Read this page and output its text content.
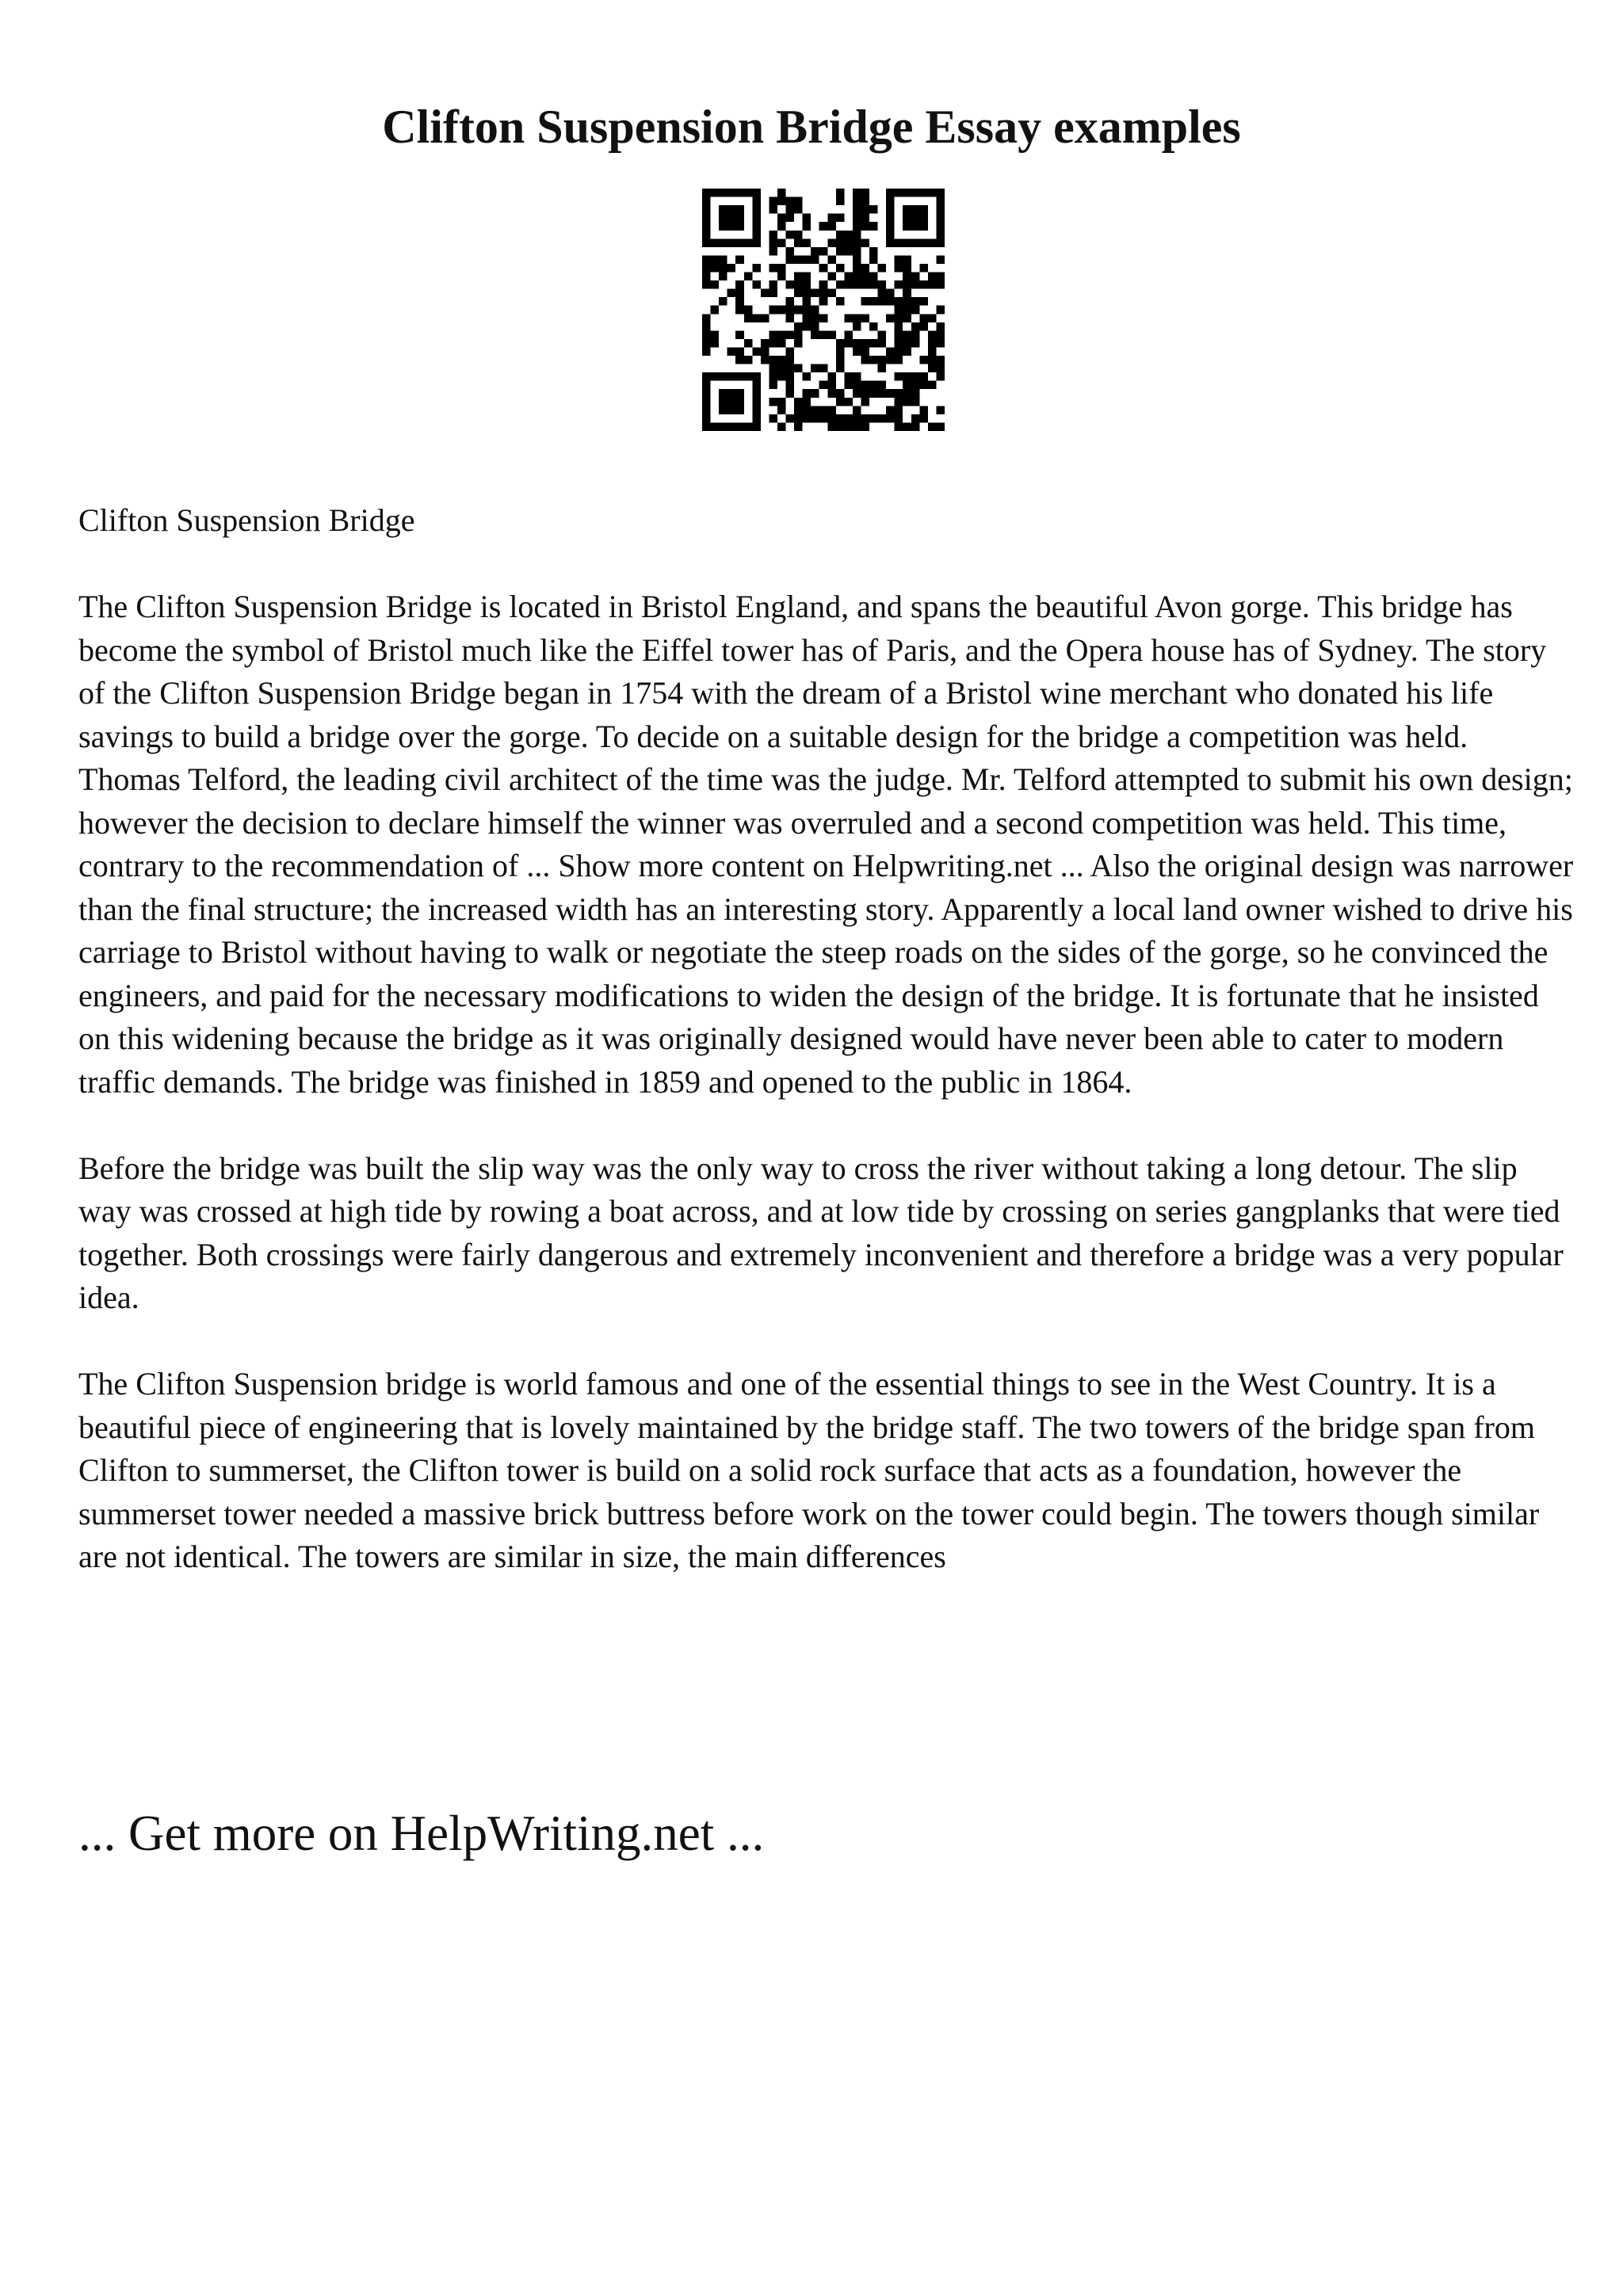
Clifton Suspension Bridge Essay examples

Clifton Suspension Bridge

The Clifton Suspension Bridge is located in Bristol England, and spans the beautiful Avon gorge. This bridge has become the symbol of Bristol much like the Eiffel tower has of Paris, and the Opera house has of Sydney. The story of the Clifton Suspension Bridge began in 1754 with the dream of a Bristol wine merchant who donated his life savings to build a bridge over the gorge. To decide on a suitable design for the bridge a competition was held. Thomas Telford, the leading civil architect of the time was the judge. Mr. Telford attempted to submit his own design; however the decision to declare himself the winner was overruled and a second competition was held. This time, contrary to the recommendation of ... Show more content on Helpwriting.net ... Also the original design was narrower than the final structure; the increased width has an interesting story. Apparently a local land owner wished to drive his carriage to Bristol without having to walk or negotiate the steep roads on the sides of the gorge, so he convinced the engineers, and paid for the necessary modifications to widen the design of the bridge. It is fortunate that he insisted on this widening because the bridge as it was originally designed would have never been able to cater to modern traffic demands. The bridge was finished in 1859 and opened to the public in 1864.

Before the bridge was built the slip way was the only way to cross the river without taking a long detour. The slip way was crossed at high tide by rowing a boat across, and at low tide by crossing on series gangplanks that were tied together. Both crossings were fairly dangerous and extremely inconvenient and therefore a bridge was a very popular idea.

The Clifton Suspension bridge is world famous and one of the essential things to see in the West Country. It is a beautiful piece of engineering that is lovely maintained by the bridge staff. The two towers of the bridge span from Clifton to summerset, the Clifton tower is build on a solid rock surface that acts as a foundation, however the summerset tower needed a massive brick buttress before work on the tower could begin. The towers though similar are not identical. The towers are similar in size, the main differences

... Get more on HelpWriting.net ...
